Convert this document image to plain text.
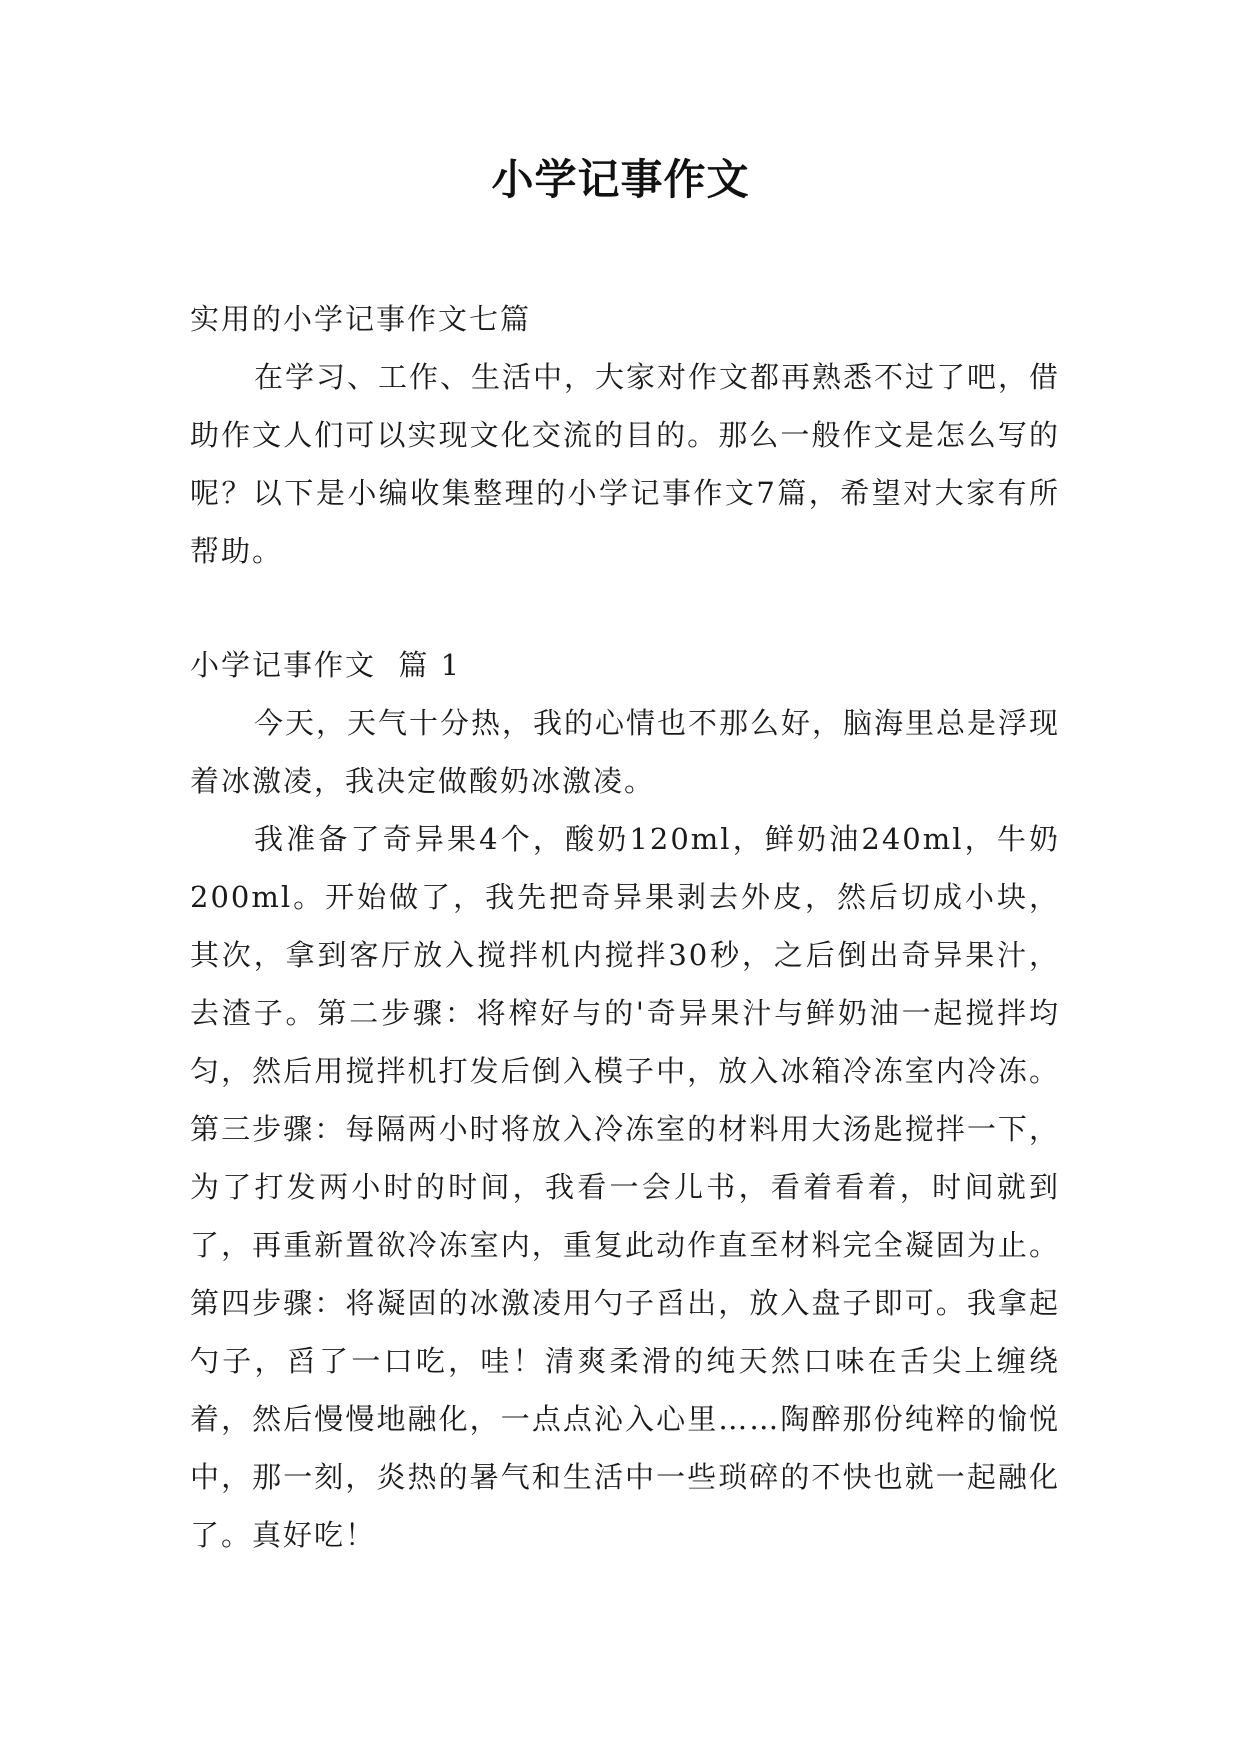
小学记事作文

实用的小学记事作文七篇

在学习、工作、生活中，大家对作文都再熟悉不过了吧，借助作文人们可以实现文化交流的目的。那么一般作文是怎么写的呢？以下是小编收集整理的小学记事作文7篇，希望对大家有所帮助。

小学记事作文  篇 1

今天，天气十分热，我的心情也不那么好，脑海里总是浮现着冰激凌，我决定做酸奶冰激凌。

我准备了奇异果4个，酸奶120ml，鲜奶油240ml，牛奶200ml。开始做了，我先把奇异果剥去外皮，然后切成小块，其次，拿到客厅放入搅拌机内搅拌30秒，之后倒出奇异果汁，去渣子。第二步骤：将榨好与的'奇异果汁与鲜奶油一起搅拌均匀，然后用搅拌机打发后倒入模子中，放入冰箱冷冻室内冷冻。第三步骤：每隔两小时将放入冷冻室的材料用大汤匙搅拌一下，为了打发两小时的时间，我看一会儿书，看着看着，时间就到了，再重新置欲冷冻室内，重复此动作直至材料完全凝固为止。第四步骤：将凝固的冰激凌用勺子舀出，放入盘子即可。我拿起勺子，舀了一口吃，哇！清爽柔滑的纯天然口味在舌尖上缠绕着，然后慢慢地融化，一点点沁入心里……陶醉那份纯粹的愉悦中，那一刻，炎热的暑气和生活中一些琐碎的不快也就一起融化了。真好吃！
